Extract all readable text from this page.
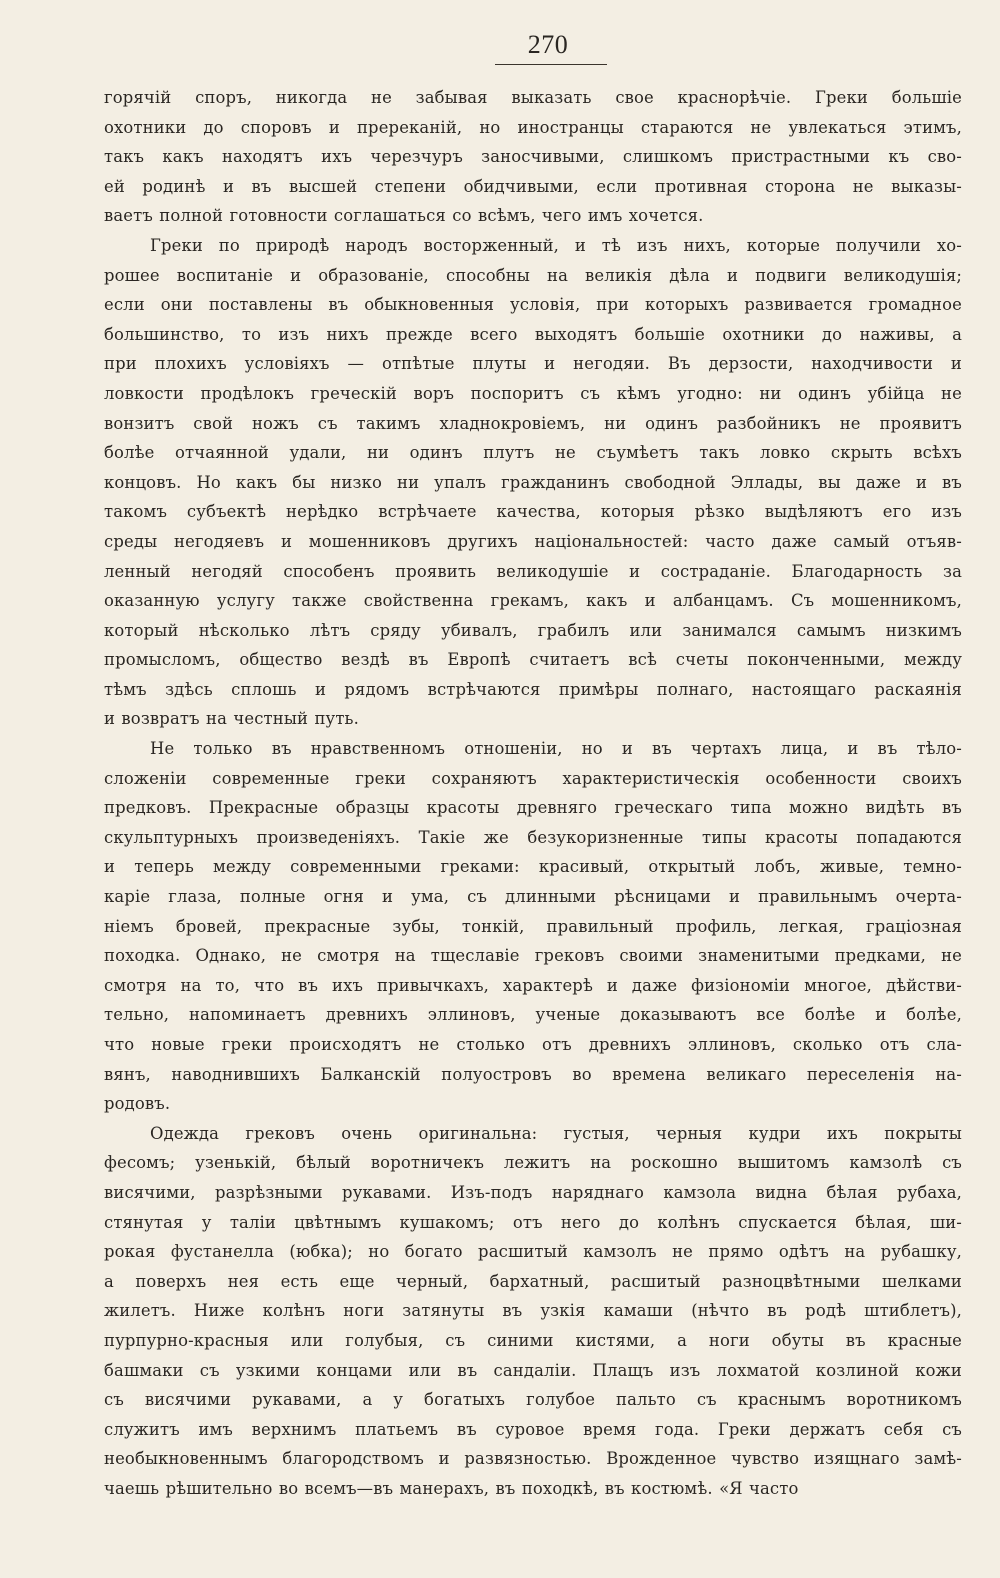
270

горячій споръ, никогда не забывая выказать свое краснорѣчіе. Греки большіе
охотники до споровъ и пререканій, но иностранцы стараются не увлекаться этимъ,
такъ какъ находятъ ихъ черезчуръ заносчивыми, слишкомъ пристрастными къ сво-
ей родинѣ и въ высшей степени обидчивыми, если противная сторона не выказы-
ваетъ полной готовности соглашаться со всѣмъ, чего имъ хочется.

Греки по природѣ народъ восторженный, и тѣ изъ нихъ, которые получили хо-
рошее воспитаніе и образованіе, способны на великія дѣла и подвиги великодушія;
если они поставлены въ обыкновенныя условія, при которыхъ развивается громадное
большинство, то изъ нихъ прежде всего выходятъ большіе охотники до наживы, а
при плохихъ условіяхъ — отпѣтые плуты и негодяи. Въ дерзости, находчивости и
ловкости продѣлокъ греческій воръ поспоритъ съ кѣмъ угодно: ни одинъ убійца не
вонзитъ свой ножъ съ такимъ хладнокровіемъ, ни одинъ разбойникъ не проявитъ
болѣе отчаянной удали, ни одинъ плутъ не съумѣетъ такъ ловко скрыть всѣхъ
концовъ. Но какъ бы низко ни упалъ гражданинъ свободной Эллады, вы даже и въ
такомъ субъектѣ нерѣдко встрѣчаете качества, которыя рѣзко выдѣляютъ его изъ
среды негодяевъ и мошенниковъ другихъ національностей: часто даже самый отъяв-
ленный негодяй способенъ проявить великодушіе и состраданіе. Благодарность за
оказанную услугу также свойственна грекамъ, какъ и албанцамъ. Съ мошенникомъ,
который нѣсколько лѣтъ сряду убивалъ, грабилъ или занимался самымъ низкимъ
промысломъ, общество вездѣ въ Европѣ считаетъ всѣ счеты поконченными, между
тѣмъ здѣсь сплошь и рядомъ встрѣчаются примѣры полнаго, настоящаго раскаянія
и возвратъ на честный путь.

Не только въ нравственномъ отношеніи, но и въ чертахъ лица, и въ тѣло-
сложеніи современные греки сохраняютъ характеристическія особенности своихъ
предковъ. Прекрасные образцы красоты древняго греческаго типа можно видѣть въ
скульптурныхъ произведеніяхъ. Такіе же безукоризненные типы красоты попадаются
и теперь между современными греками: красивый, открытый лобъ, живые, темно-
каріе глаза, полные огня и ума, съ длинными рѣсницами и правильнымъ очерта-
ніемъ бровей, прекрасные зубы, тонкій, правильный профиль, легкая, граціозная
походка. Однако, не смотря на тщеславіе грековъ своими знаменитыми предками, не
смотря на то, что въ ихъ привычкахъ, характерѣ и даже физіономіи многое, дѣйстви-
тельно, напоминаетъ древнихъ эллиновъ, ученые доказываютъ все болѣе и болѣе,
что новые греки происходятъ не столько отъ древнихъ эллиновъ, сколько отъ сла-
вянъ, наводнившихъ Балканскій полуостровъ во времена великаго переселенія на-
родовъ.

Одежда грековъ очень оригинальна: густыя, черныя кудри ихъ покрыты
фесомъ; узенькій, бѣлый воротничекъ лежитъ на роскошно вышитомъ камзолѣ съ
висячими, разрѣзными рукавами. Изъ-подъ наряднаго камзола видна бѣлая рубаха,
стянутая у таліи цвѣтнымъ кушакомъ; отъ него до колѣнъ спускается бѣлая, ши-
рокая фустанелла (юбка); но богато расшитый камзолъ не прямо одѣтъ на рубашку,
а поверхъ нея есть еще черный, бархатный, расшитый разноцвѣтными шелками
жилетъ. Ниже колѣнъ ноги затянуты въ узкія камаши (нѣчто въ родѣ штиблетъ),
пурпурно-красныя или голубыя, съ синими кистями, а ноги обуты въ красные
башмаки съ узкими концами или въ сандаліи. Плащъ изъ лохматой козлиной кожи
съ висячими рукавами, а у богатыхъ голубое пальто съ краснымъ воротникомъ
служитъ имъ верхнимъ платьемъ въ суровое время года. Греки держатъ себя съ
необыкновеннымъ благородствомъ и развязностью. Врожденное чувство изящнаго замѣ-
чаешь рѣшительно во всемъ—въ манерахъ, въ походкѣ, въ костюмѣ. «Я часто
